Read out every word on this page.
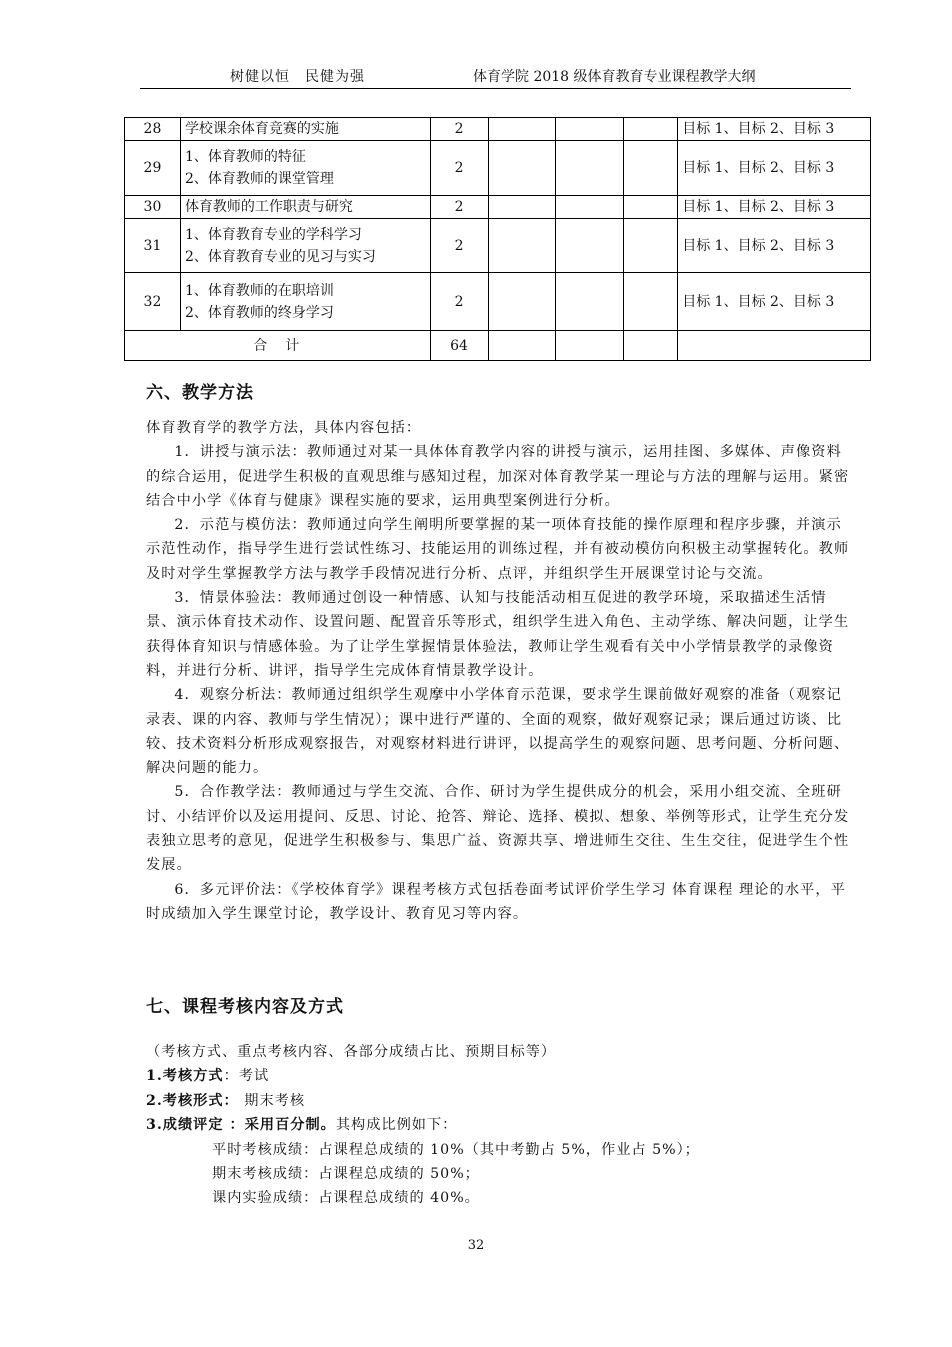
树健以恒　民健为强	体育学院 2018 级体育教育专业课程教学大纲
28	学校课余体育竞赛的实施	2				目标 1、目标 2、目标 3
29	1、体育教师的特征
2、体育教师的课堂管理	2				目标 1、目标 2、目标 3
30	体育教师的工作职责与研究	2				目标 1、目标 2、目标 3
31	1、体育教育专业的学科学习
2、体育教育专业的见习与实习	2				目标 1、目标 2、目标 3
32	1、体育教师的在职培训
2、体育教师的终身学习	2				目标 1、目标 2、目标 3
合　计		64				
六、教学方法

体育教育学的教学方法，具体内容包括：

1．讲授与演示法：教师通过对某一具体体育教学内容的讲授与演示，运用挂图、多媒体、声像资料的综合运用，促进学生积极的直观思维与感知过程，加深对体育教学某一理论与方法的理解与运用。紧密结合中小学《体育与健康》课程实施的要求，运用典型案例进行分析。

2．示范与模仿法：教师通过向学生阐明所要掌握的某一项体育技能的操作原理和程序步骤，并演示示范性动作，指导学生进行尝试性练习、技能运用的训练过程，并有被动模仿向积极主动掌握转化。教师及时对学生掌握教学方法与教学手段情况进行分析、点评，并组织学生开展课堂讨论与交流。

3．情景体验法：教师通过创设一种情感、认知与技能活动相互促进的教学环境，采取描述生活情景、演示体育技术动作、设置问题、配置音乐等形式，组织学生进入角色、主动学练、解决问题，让学生获得体育知识与情感体验。为了让学生掌握情景体验法，教师让学生观看有关中小学情景教学的录像资料，并进行分析、讲评，指导学生完成体育情景教学设计。

4．观察分析法：教师通过组织学生观摩中小学体育示范课，要求学生课前做好观察的准备（观察记录表、课的内容、教师与学生情况）；课中进行严谨的、全面的观察，做好观察记录；课后通过访谈、比较、技术资料分析形成观察报告，对观察材料进行讲评，以提高学生的观察问题、思考问题、分析问题、解决问题的能力。

5．合作教学法：教师通过与学生交流、合作、研讨为学生提供成分的机会，采用小组交流、全班研讨、小结评价以及运用提问、反思、讨论、抢答、辩论、选择、模拟、想象、举例等形式，让学生充分发表独立思考的意见，促进学生积极参与、集思广益、资源共享、增进师生交往、生生交往，促进学生个性发展。

6．多元评价法：《学校体育学》课程考核方式包括卷面考试评价学生学习 体育课程 理论的水平，平时成绩加入学生课堂讨论，教学设计、教育见习等内容。

七、课程考核内容及方式

（考核方式、重点考核内容、各部分成绩占比、预期目标等）

1.考核方式：考试

2.考核形式： 期末考核

3.成绩评定 ：采用百分制。其构成比例如下：

平时考核成绩：占课程总成绩的 10%（其中考勤占 5%，作业占 5%）；

期末考核成绩：占课程总成绩的 50%；

课内实验成绩：占课程总成绩的 40%。

32
